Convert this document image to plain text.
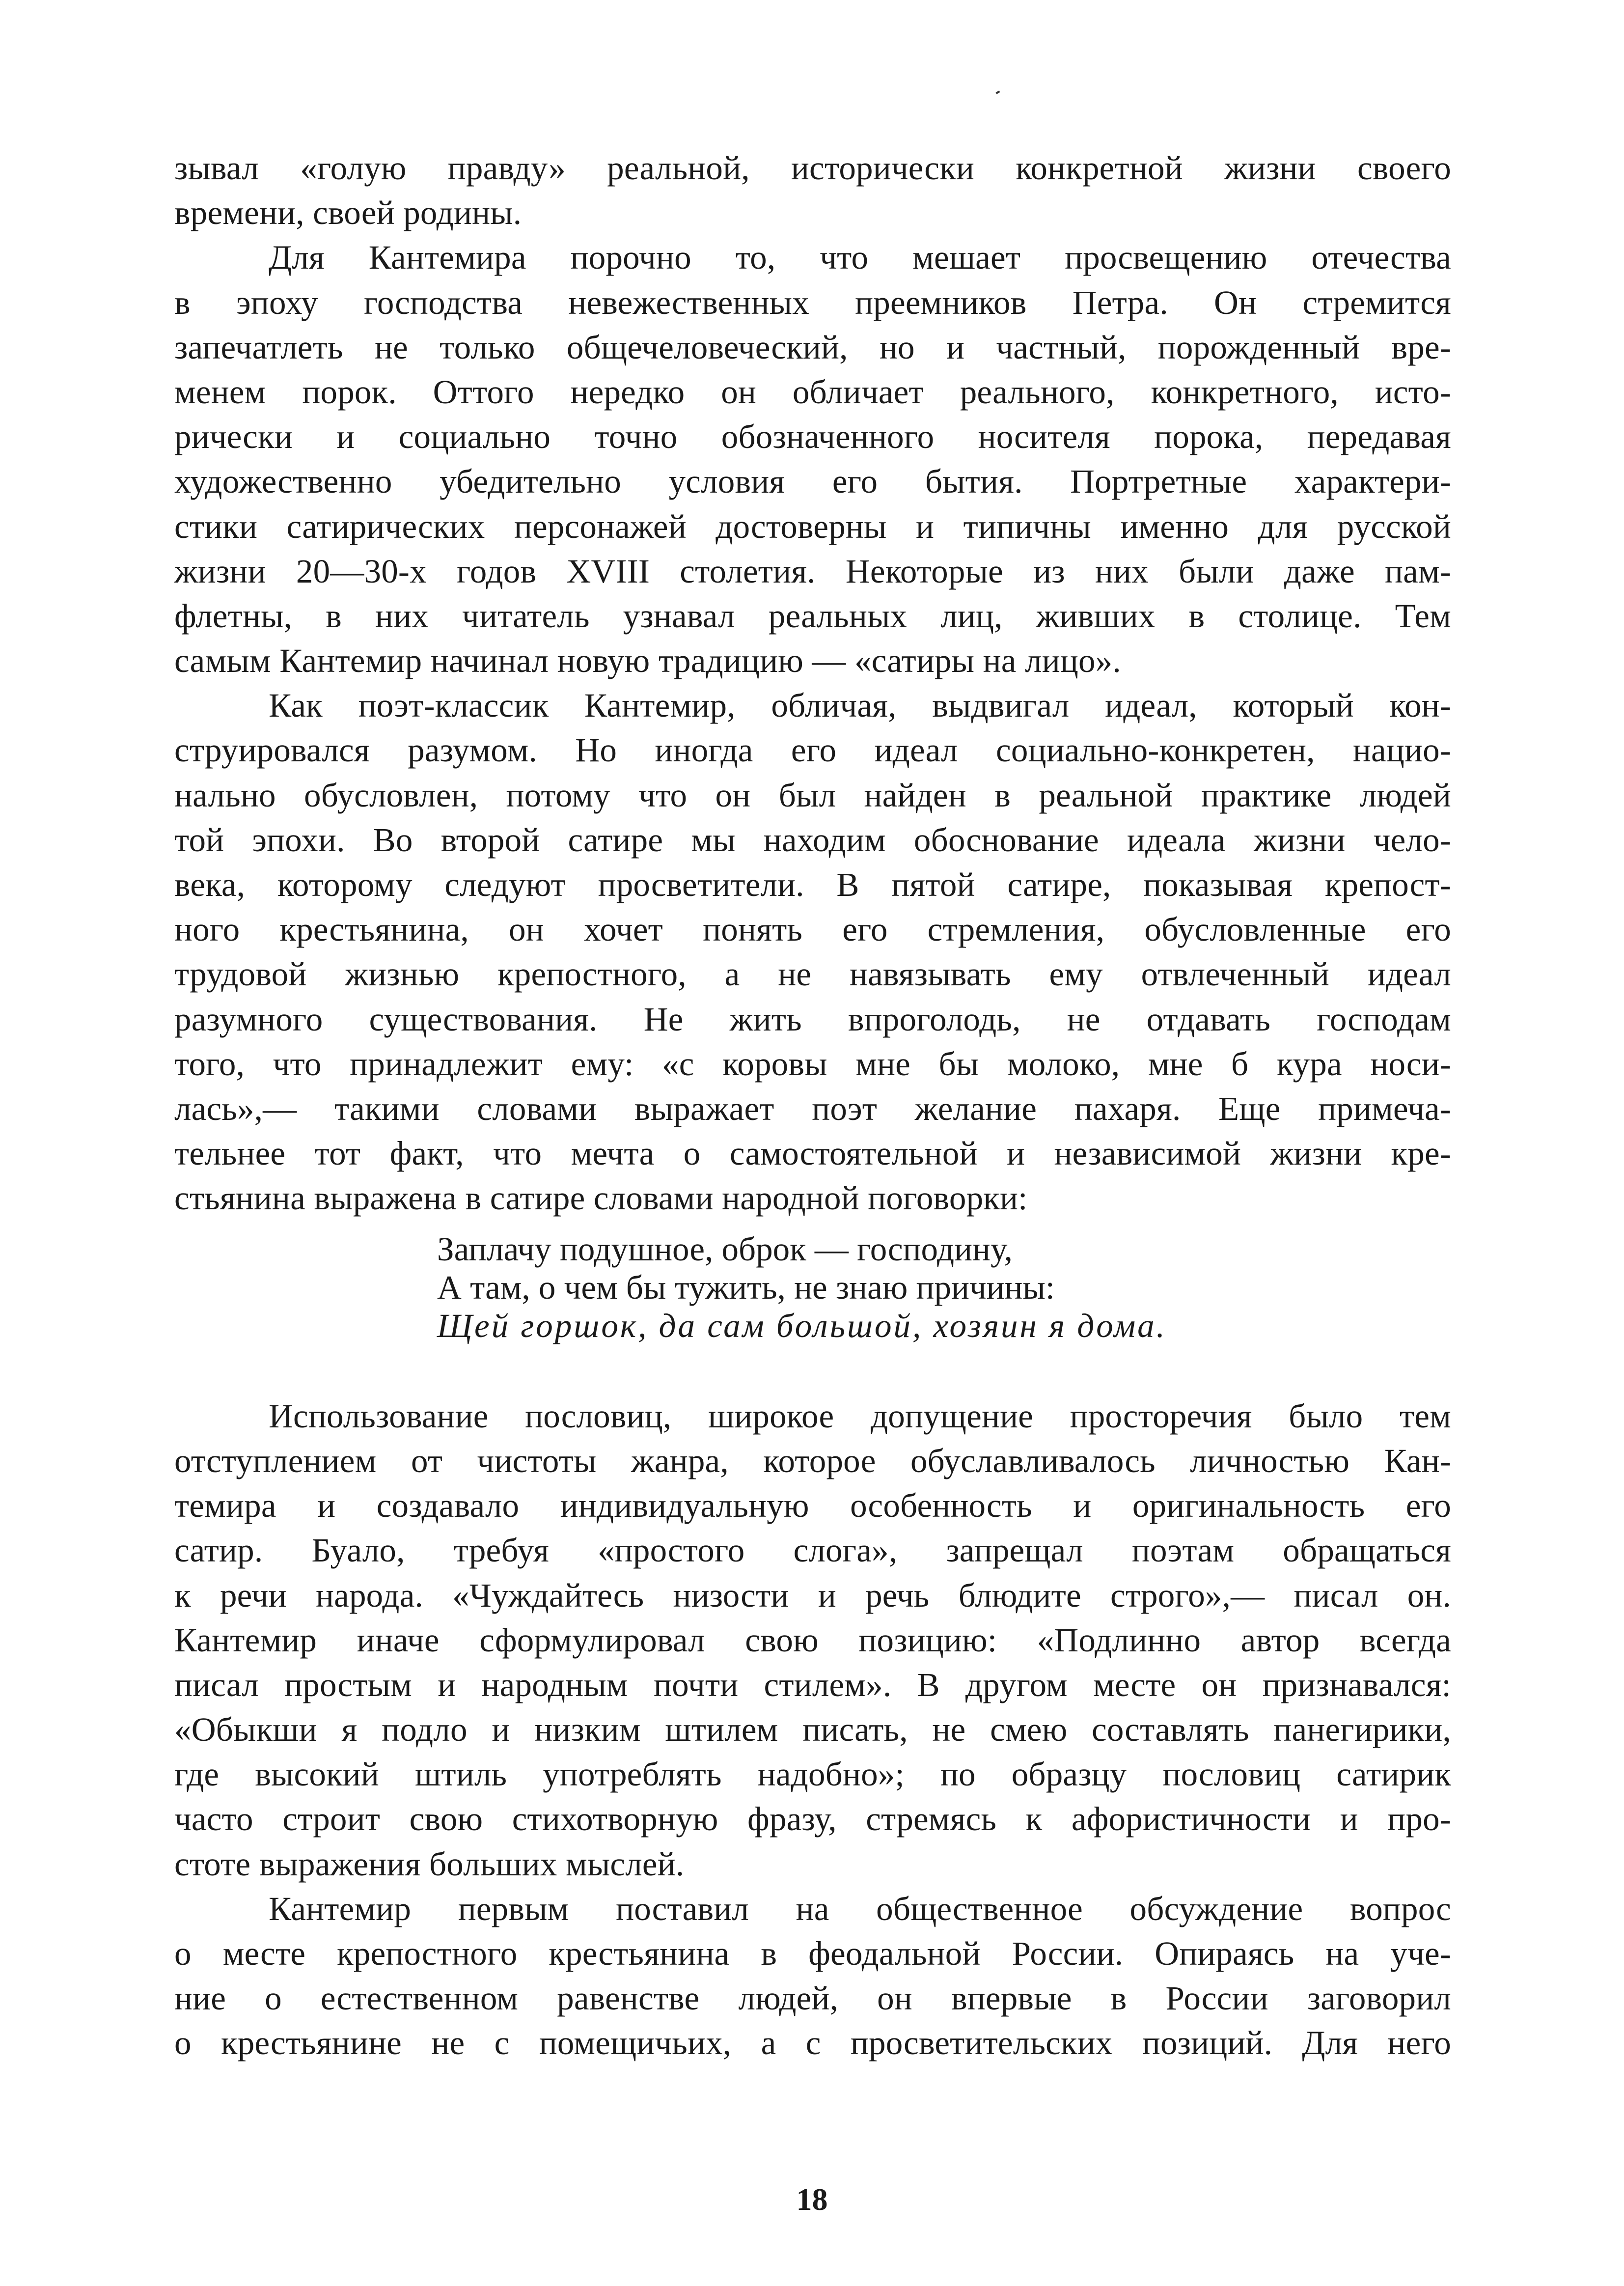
зывал «голую правду» реальной, исторически конкретной жизни своего
времени, своей родины.
Для Кантемира порочно то, что мешает просвещению отечества
в эпоху господства невежественных преемников Петра. Он стремится
запечатлеть не только общечеловеческий, но и частный, порожденный вре-
менем порок. Оттого нередко он обличает реального, конкретного, исто-
рически и социально точно обозначенного носителя порока, передавая
художественно убедительно условия его бытия. Портретные характери-
стики сатирических персонажей достоверны и типичны именно для русской
жизни 20—30-х годов XVIII столетия. Некоторые из них были даже пам-
флетны, в них читатель узнавал реальных лиц, живших в столице. Тем
самым Кантемир начинал новую традицию — «сатиры на лицо».
Как поэт-классик Кантемир, обличая, выдвигал идеал, который кон-
струировался разумом. Но иногда его идеал социально-конкретен, нацио-
нально обусловлен, потому что он был найден в реальной практике людей
той эпохи. Во второй сатире мы находим обоснование идеала жизни чело-
века, которому следуют просветители. В пятой сатире, показывая крепост-
ного крестьянина, он хочет понять его стремления, обусловленные его
трудовой жизнью крепостного, а не навязывать ему отвлеченный идеал
разумного существования. Не жить впроголодь, не отдавать господам
того, что принадлежит ему: «с коровы мне бы молоко, мне б кура носи-
лась»,— такими словами выражает поэт желание пахаря. Еще примеча-
тельнее тот факт, что мечта о самостоятельной и независимой жизни кре-
стьянина выражена в сатире словами народной поговорки:
Заплачу подушное, оброк — господину,
А там, о чем бы тужить, не знаю причины:
Щей горшок, да сам большой, хозяин я дома.
Использование пословиц, широкое допущение просторечия было тем
отступлением от чистоты жанра, которое обуславливалось личностью Кан-
темира и создавало индивидуальную особенность и оригинальность его
сатир. Буало, требуя «простого слога», запрещал поэтам обращаться
к речи народа. «Чуждайтесь низости и речь блюдите строго»,— писал он.
Кантемир иначе сформулировал свою позицию: «Подлинно автор всегда
писал простым и народным почти стилем». В другом месте он признавался:
«Обыкши я подло и низким штилем писать, не смею составлять панегирики,
где высокий штиль употреблять надобно»; по образцу пословиц сатирик
часто строит свою стихотворную фразу, стремясь к афористичности и про-
стоте выражения больших мыслей.
Кантемир первым поставил на общественное обсуждение вопрос
о месте крепостного крестьянина в феодальной России. Опираясь на уче-
ние о естественном равенстве людей, он впервые в России заговорил
о крестьянине не с помещичьих, а с просветительских позиций. Для него
18
